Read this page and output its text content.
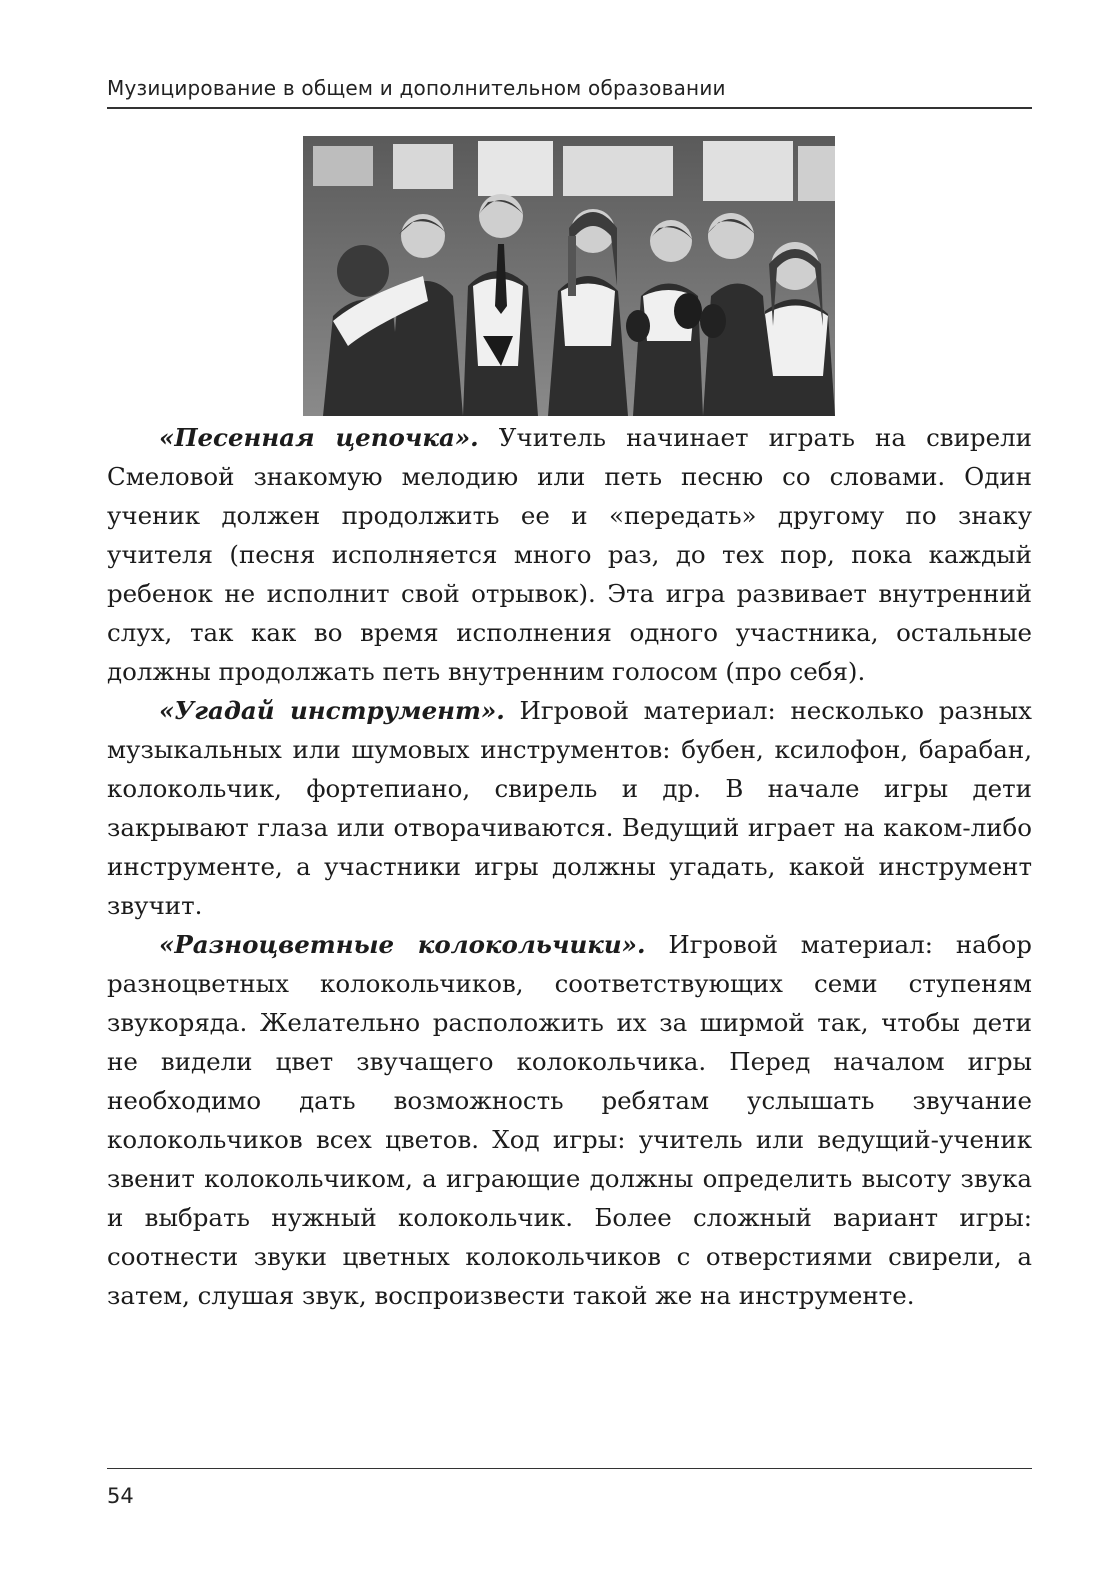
Музицирование в общем и дополнительном образовании

«Песенная цепочка». Учитель начинает играть на свирели Смеловой знакомую мелодию или петь песню со словами. Один ученик должен продолжить ее и «передать» другому по знаку учителя (песня исполняется много раз, до тех пор, пока каждый ребенок не исполнит свой отрывок). Эта игра развивает внутренний слух, так как во время исполнения одного участника, остальные должны продолжать петь внутренним голосом (про себя).

«Угадай инструмент». Игровой материал: несколько разных музыкальных или шумовых инструментов: бубен, ксилофон, барабан, колокольчик, фортепиано, свирель и др. В начале игры дети закрывают глаза или отворачиваются. Ведущий играет на каком-либо инструменте, а участники игры должны угадать, какой инструмент звучит.

«Разноцветные колокольчики». Игровой материал: набор разноцветных колокольчиков, соответствующих семи ступеням звукоряда. Желательно расположить их за ширмой так, чтобы дети не видели цвет звучащего колокольчика. Перед началом игры необходимо дать возможность ребятам услышать звучание колокольчиков всех цветов. Ход игры: учитель или ведущий-ученик звенит колокольчиком, а играющие должны определить высоту звука и выбрать нужный колокольчик. Более сложный вариант игры: соотнести звуки цветных колокольчиков с отверстиями свирели, а затем, слушая звук, воспроизвести такой же на инструменте.

54
